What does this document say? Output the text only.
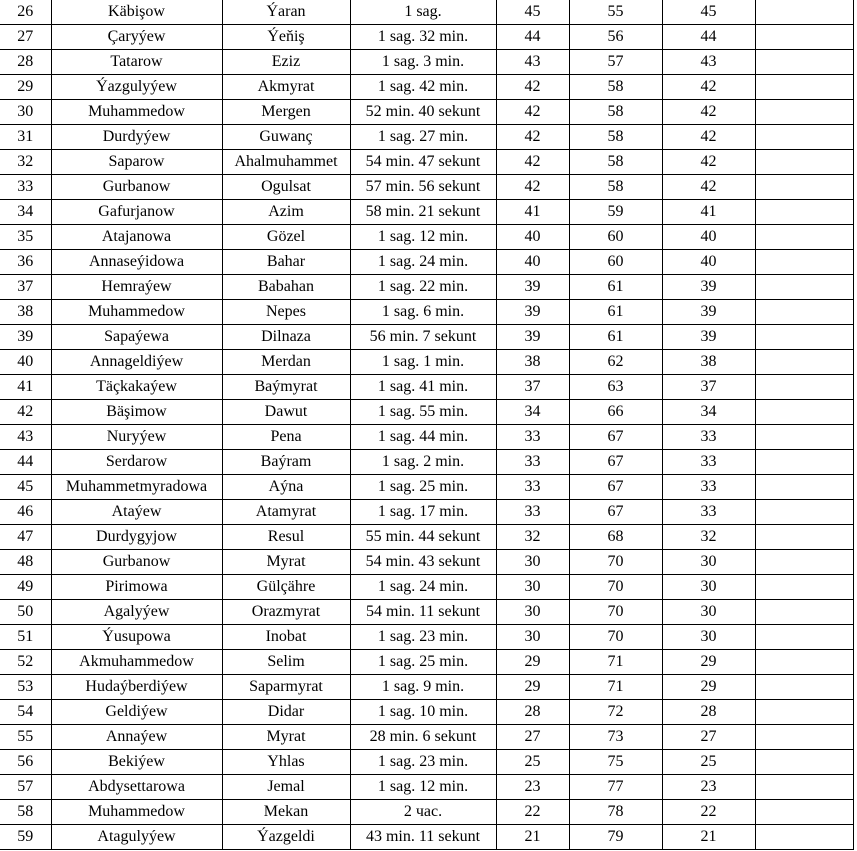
26	Käbişow	Ýaran	1 sag.	45	55	45	
27	Çaryýew	Ýeňiş	1 sag. 32 min.	44	56	44	
28	Tatarow	Eziz	1 sag. 3 min.	43	57	43	
29	Ýazgulyýew	Akmyrat	1 sag. 42 min.	42	58	42	
30	Muhammedow	Mergen	52 min. 40 sekunt	42	58	42	
31	Durdyýew	Guwanç	1 sag. 27 min.	42	58	42	
32	Saparow	Ahalmuhammet	54 min. 47 sekunt	42	58	42	
33	Gurbanow	Ogulsat	57 min. 56 sekunt	42	58	42	
34	Gafurjanow	Azim	58 min. 21 sekunt	41	59	41	
35	Atajanowa	Gözel	1 sag. 12 min.	40	60	40	
36	Annaseýidowa	Bahar	1 sag. 24 min.	40	60	40	
37	Hemraýew	Babahan	1 sag. 22 min.	39	61	39	
38	Muhammedow	Nepes	1 sag. 6 min.	39	61	39	
39	Sapaýewa	Dilnaza	56 min. 7 sekunt	39	61	39	
40	Annageldiýew	Merdan	1 sag. 1 min.	38	62	38	
41	Täçkakaýew	Baýmyrat	1 sag. 41 min.	37	63	37	
42	Bäşimow	Dawut	1 sag. 55 min.	34	66	34	
43	Nuryýew	Pena	1 sag. 44 min.	33	67	33	
44	Serdarow	Baýram	1 sag. 2 min.	33	67	33	
45	Muhammetmyradowa	Aýna	1 sag. 25 min.	33	67	33	
46	Ataýew	Atamyrat	1 sag. 17 min.	33	67	33	
47	Durdygyjow	Resul	55 min. 44 sekunt	32	68	32	
48	Gurbanow	Myrat	54 min. 43 sekunt	30	70	30	
49	Pirimowa	Gülçähre	1 sag. 24 min.	30	70	30	
50	Agalyýew	Orazmyrat	54 min. 11 sekunt	30	70	30	
51	Ýusupowa	Inobat	1 sag. 23 min.	30	70	30	
52	Akmuhammedow	Selim	1 sag. 25 min.	29	71	29	
53	Hudaýberdiýew	Saparmyrat	1 sag. 9 min.	29	71	29	
54	Geldiýew	Didar	1 sag. 10 min.	28	72	28	
55	Annaýew	Myrat	28 min. 6 sekunt	27	73	27	
56	Bekiýew	Yhlas	1 sag. 23 min.	25	75	25	
57	Abdysettarowa	Jemal	1 sag. 12 min.	23	77	23	
58	Muhammedow	Mekan	2 час.	22	78	22	
59	Atagulyýew	Ýazgeldi	43 min. 11 sekunt	21	79	21	
